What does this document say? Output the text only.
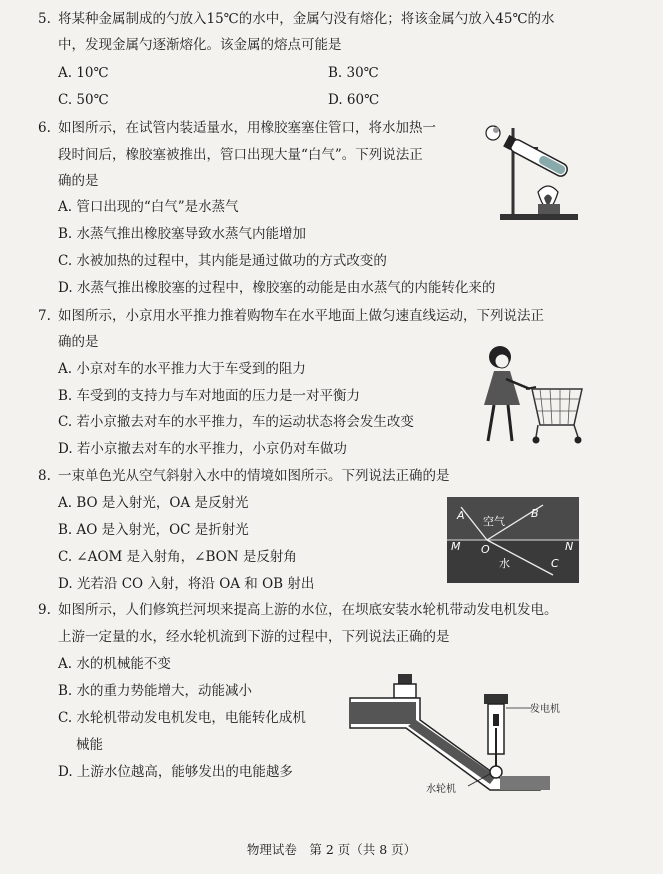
5. 将某种金属制成的勺放入15℃的水中，金属勺没有熔化；将该金属勺放入45℃的水
中，发现金属勺逐渐熔化。该金属的熔点可能是
A. 10℃	B. 30℃
C. 50℃	D. 60℃
6. 如图所示，在试管内装适量水，用橡胶塞塞住管口，将水加热一
段时间后，橡胶塞被推出，管口出现大量“白气”。下列说法正
确的是
A. 管口出现的“白气”是水蒸气
B. 水蒸气推出橡胶塞导致水蒸气内能增加
C. 水被加热的过程中，其内能是通过做功的方式改变的
D. 水蒸气推出橡胶塞的过程中，橡胶塞的动能是由水蒸气的内能转化来的
7. 如图所示，小京用水平推力推着购物车在水平地面上做匀速直线运动，下列说法正
确的是
A. 小京对车的水平推力大于车受到的阻力
B. 车受到的支持力与车对地面的压力是一对平衡力
C. 若小京撤去对车的水平推力，车的运动状态将会发生改变
D. 若小京撤去对车的水平推力，小京仍对车做功
8. 一束单色光从空气斜射入水中的情境如图所示。下列说法正确的是
A. BO 是入射光，OA 是反射光
B. AO 是入射光，OC 是折射光
C. ∠AOM 是入射角，∠BON 是反射角
D. 光若沿 CO 入射，将沿 OA 和 OB 射出
A	B
C
M	N
O
空气
水
9. 如图所示，人们修筑拦河坝来提高上游的水位，在坝底安装水轮机带动发电机发电。
上游一定量的水，经水轮机流到下游的过程中，下列说法正确的是
A. 水的机械能不变
B. 水的重力势能增大，动能减小
C. 水轮机带动发电机发电，电能转化成机
械能
D. 上游水位越高，能够发出的电能越多
发电机
水轮机
物理试卷　第 2 页（共 8 页）
